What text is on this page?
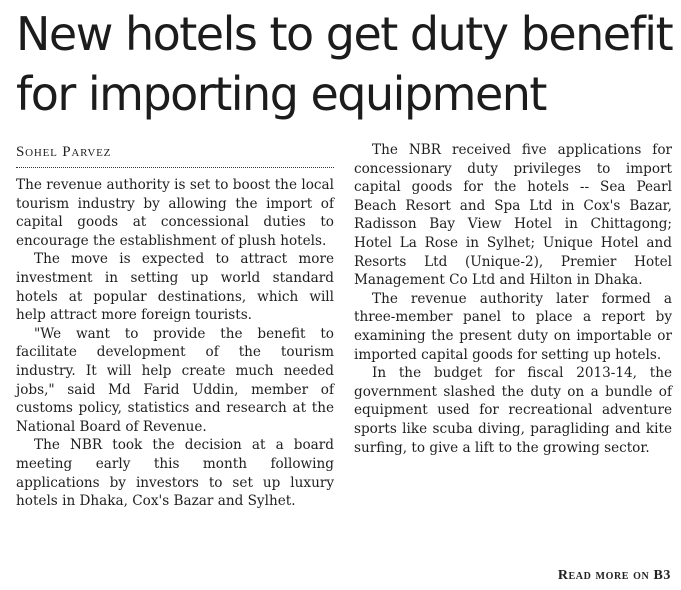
New hotels to get duty benefit for importing equipment
Sohel Parvez

The revenue authority is set to boost the local tourism industry by allowing the import of capital goods at concessional duties to encourage the establishment of plush hotels.

The move is expected to attract more investment in setting up world standard hotels at popular destinations, which will help attract more foreign tourists.

"We want to provide the benefit to facilitate development of the tourism industry. It will help create much needed jobs," said Md Farid Uddin, member of customs policy, statistics and research at the National Board of Revenue.

The NBR took the decision at a board meeting early this month following applications by investors to set up luxury hotels in Dhaka, Cox's Bazar and Sylhet.

The NBR received five applications for concessionary duty privileges to import capital goods for the hotels -- Sea Pearl Beach Resort and Spa Ltd in Cox's Bazar, Radisson Bay View Hotel in Chittagong; Hotel La Rose in Sylhet; Unique Hotel and Resorts Ltd (Unique-2), Premier Hotel Management Co Ltd and Hilton in Dhaka.

The revenue authority later formed a three-member panel to place a report by examining the present duty on importable or imported capital goods for setting up hotels.

In the budget for fiscal 2013-14, the government slashed the duty on a bundle of equipment used for recreational adventure sports like scuba diving, paragliding and kite surfing, to give a lift to the growing sector.

Read more on B3
